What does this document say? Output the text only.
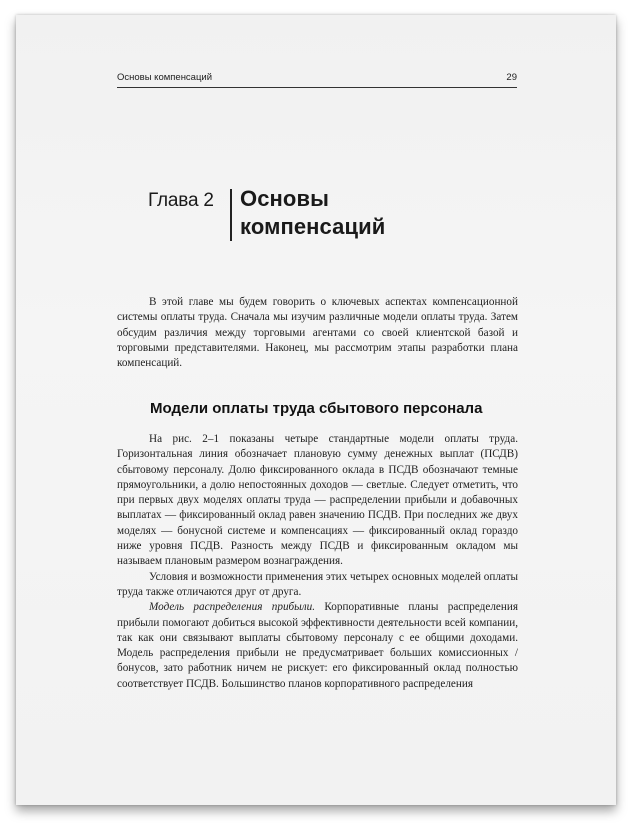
Основы компенсаций	29
Глава 2 Основы
компенсаций

В этой главе мы будем говорить о ключевых аспектах компенсационной системы оплаты труда. Сначала мы изучим различные модели оплаты труда. Затем обсудим различия между торговыми агентами со своей клиентской базой и торговыми представителями. Наконец, мы рассмотрим этапы разработки плана компенсаций.

Модели оплаты труда сбытового персонала

На рис. 2–1 показаны четыре стандартные модели оплаты труда. Горизонтальная линия обозначает плановую сумму денежных выплат (ПСДВ) сбытовому персоналу. Долю фиксированного оклада в ПСДВ обозначают темные прямоугольники, а долю непостоянных доходов — светлые. Следует отметить, что при первых двух моделях оплаты труда — распределении прибыли и добавочных выплатах — фиксированный оклад равен значению ПСДВ. При последних же двух моделях — бонусной системе и компенсациях — фиксированный оклад гораздо ниже уровня ПСДВ. Разность между ПСДВ и фиксированным окладом мы называем плановым размером вознаграждения.

Условия и возможности применения этих четырех основных моделей оплаты труда также отличаются друг от друга.

Модель распределения прибыли. Корпоративные планы распределения прибыли помогают добиться высокой эффективности деятельности всей компании, так как они связывают выплаты сбытовому персоналу с ее общими доходами. Модель распределения прибыли не предусматривает больших комиссионных / бонусов, зато работник ничем не рискует: его фиксированный оклад полностью соответствует ПСДВ. Большинство планов корпоративного распределения
